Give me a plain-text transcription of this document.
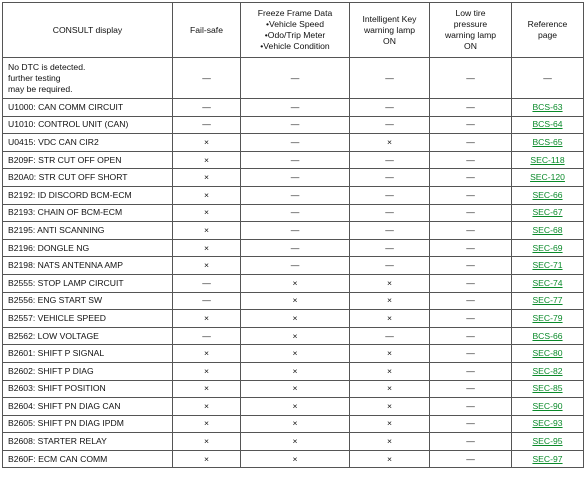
CONSULT display	Fail-safe	Freeze Frame Data
•Vehicle Speed
•Odo/Trip Meter
•Vehicle Condition	Intelligent Key
warning lamp
ON	Low tire
pressure
warning lamp
ON	Reference
page
No DTC is detected.
further testing
may be required.	—	—	—	—	—
U1000: CAN COMM CIRCUIT	—	—	—	—	BCS-63
U1010: CONTROL UNIT (CAN)	—	—	—	—	BCS-64
U0415: VDC CAN CIR2	×	—	×	—	BCS-65
B209F: STR CUT OFF OPEN	×	—	—	—	SEC-118
B20A0: STR CUT OFF SHORT	×	—	—	—	SEC-120
B2192: ID DISCORD BCM-ECM	×	—	—	—	SEC-66
B2193: CHAIN OF BCM-ECM	×	—	—	—	SEC-67
B2195: ANTI SCANNING	×	—	—	—	SEC-68
B2196: DONGLE NG	×	—	—	—	SEC-69
B2198: NATS ANTENNA AMP	×	—	—	—	SEC-71
B2555: STOP LAMP CIRCUIT	—	×	×	—	SEC-74
B2556: ENG START SW	—	×	×	—	SEC-77
B2557: VEHICLE SPEED	×	×	×	—	SEC-79
B2562: LOW VOLTAGE	—	×	—	—	BCS-66
B2601: SHIFT P SIGNAL	×	×	×	—	SEC-80
B2602: SHIFT P DIAG	×	×	×	—	SEC-82
B2603: SHIFT POSITION	×	×	×	—	SEC-85
B2604: SHIFT PN DIAG CAN	×	×	×	—	SEC-90
B2605: SHIFT PN DIAG IPDM	×	×	×	—	SEC-93
B2608: STARTER RELAY	×	×	×	—	SEC-95
B260F: ECM CAN COMM	×	×	×	—	SEC-97
